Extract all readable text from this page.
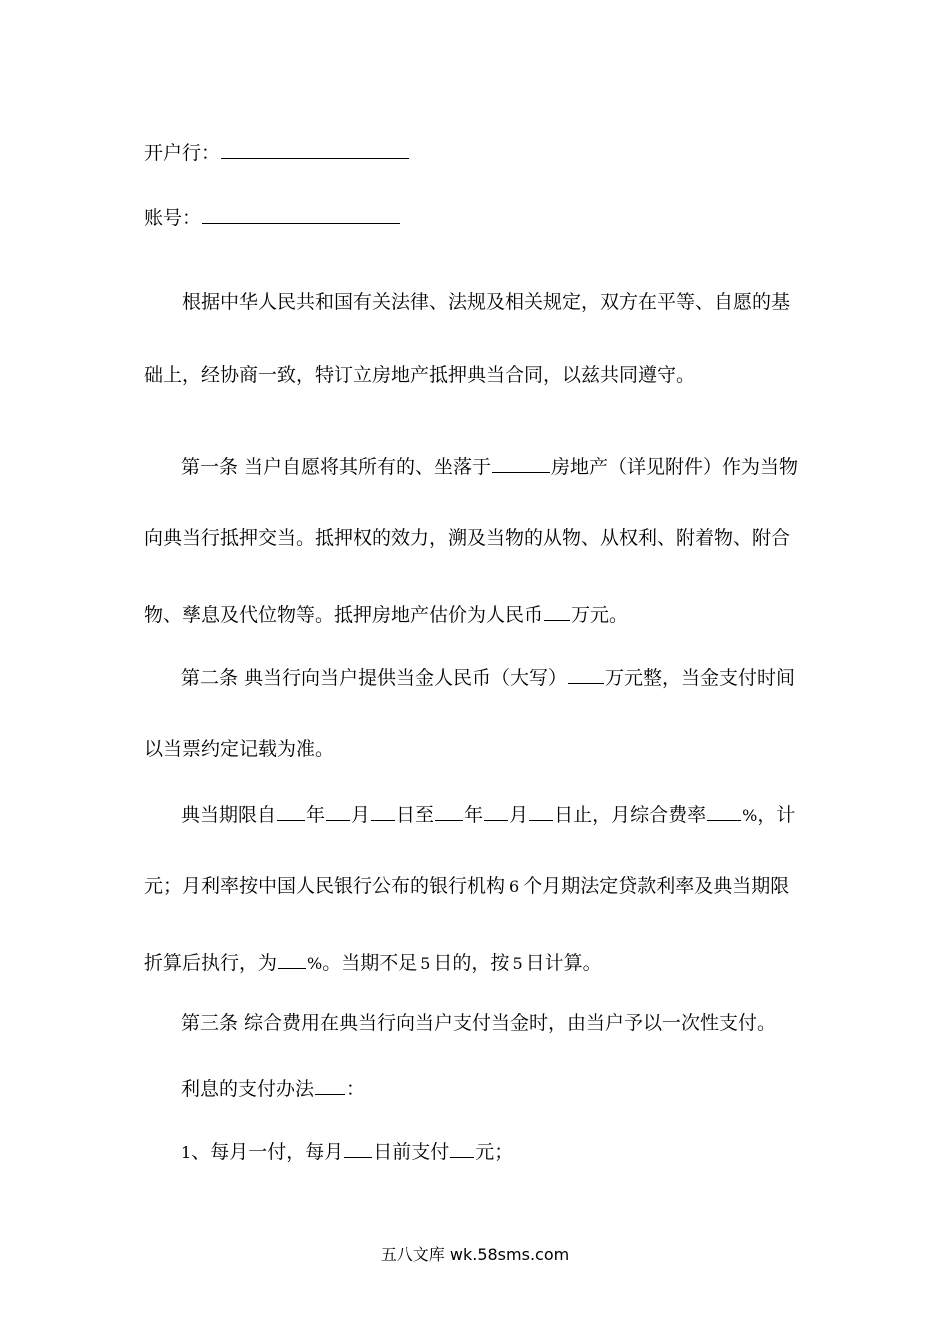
开户行：
账号：
根据中华人民共和国有关法律、法规及相关规定，双方在平等、自愿的基
础上，经协商一致，特订立房地产抵押典当合同，以兹共同遵守。
第一条 当户自愿将其所有的、坐落于	房地产（详见附件）作为当物
向典当行抵押交当。抵押权的效力，溯及当物的从物、从权利、附着物、附合
物、孳息及代位物等。抵押房地产估价为人民币 万元。
第二条 典当行向当户提供当金人民币（大写） 万元整，当金支付时间
以当票约定记载为准。
典当期限自 年 月 日至 年 月 日止，月综合费率 %，计
元；月利率按中国人民银行公布的银行机构 6 个月期法定贷款利率及典当期限
折算后执行，为 %。当期不足 5 日的，按 5 日计算。
第三条 综合费用在典当行向当户支付当金时，由当户予以一次性支付。
利息的支付办法 ：
1、每月一付，每月 日前支付 元；
五八文库 wk.58sms.com
